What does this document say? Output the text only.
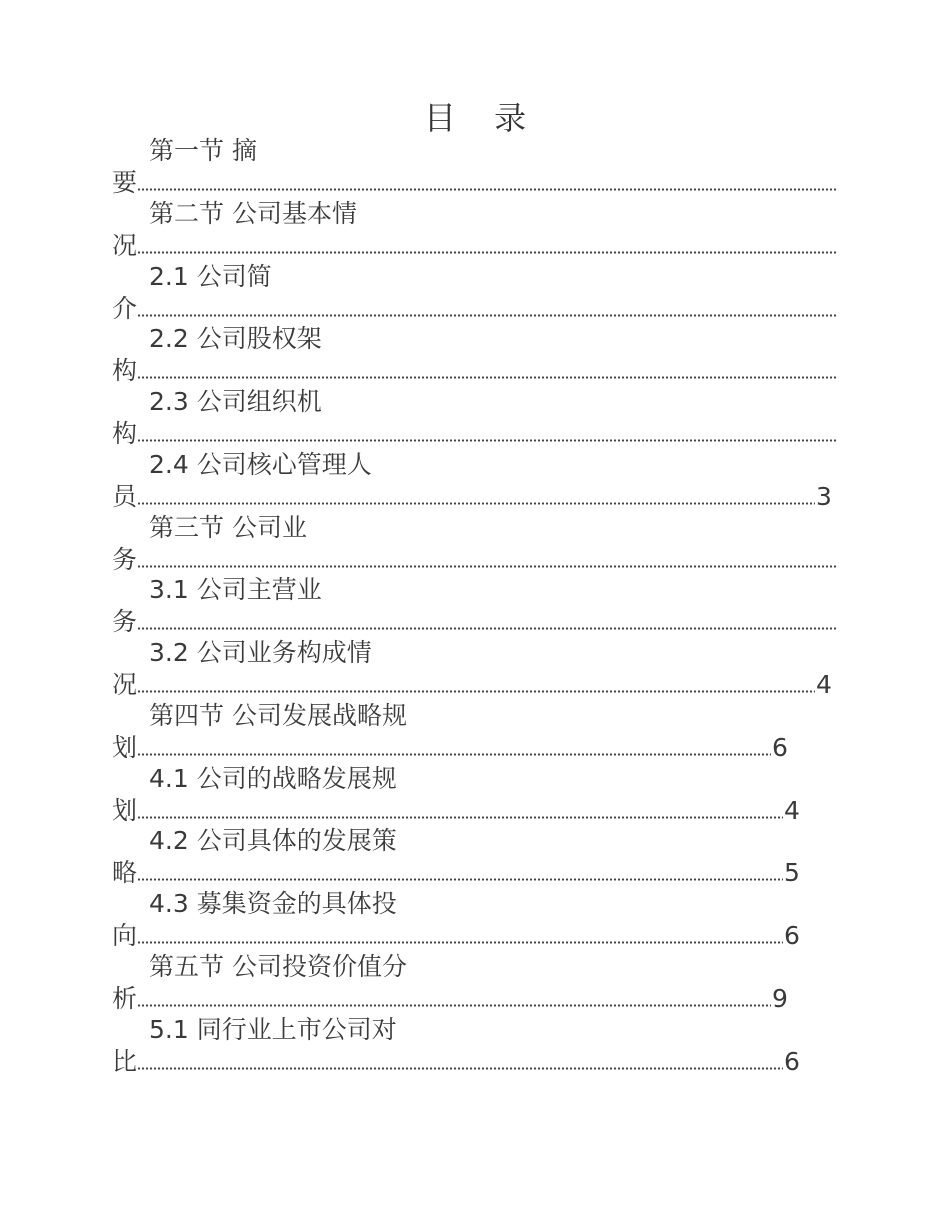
目 录
第一节 摘
要
第二节 公司基本情
况
2.1 公司简
介
2.2 公司股权架
构
2.3 公司组织机
构
2.4 公司核心管理人
员	3
第三节 公司业
务
3.1 公司主营业
务
3.2 公司业务构成情
况	4
第四节 公司发展战略规
划	6
4.1 公司的战略发展规
划	4
4.2 公司具体的发展策
略	5
4.3 募集资金的具体投
向	6
第五节 公司投资价值分
析	9
5.1 同行业上市公司对
比	6
